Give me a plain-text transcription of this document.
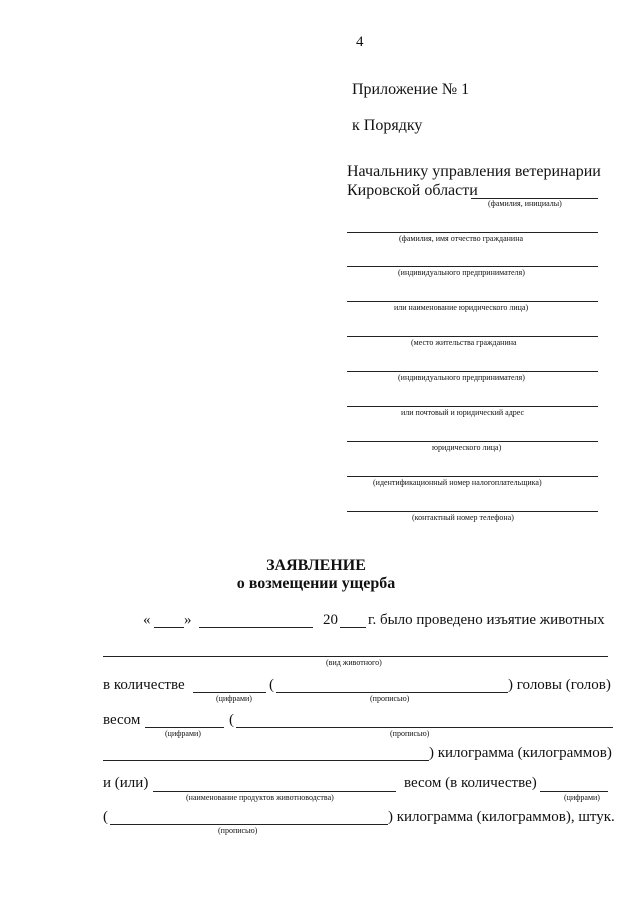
4
Приложение № 1
к Порядку
Начальнику управления ветеринарии
Кировской области
(фамилия, инициалы)
(фамилия, имя отчество гражданина
(индивидуального предпринимателя)
или наименование юридического лица)
(место жительства гражданина
(индивидуального предпринимателя)
или почтовый и юридический адрес
юридического лица)
(идентификационный номер налогоплательщика)
(контактный номер телефона)
ЗАЯВЛЕНИЕ
о возмещении ущерба
« »	20 г. было проведено изъятие животных
(вид животного)
в количестве
(цифрами)
(
(прописью)
) головы (голов)
весом
(цифрами)
(
(прописью)
) килограмма (килограммов)
и (или)
(наименование продуктов животноводства)
весом (в количестве)
(цифрами)
(
(прописью)
) килограмма (килограммов), штук.
